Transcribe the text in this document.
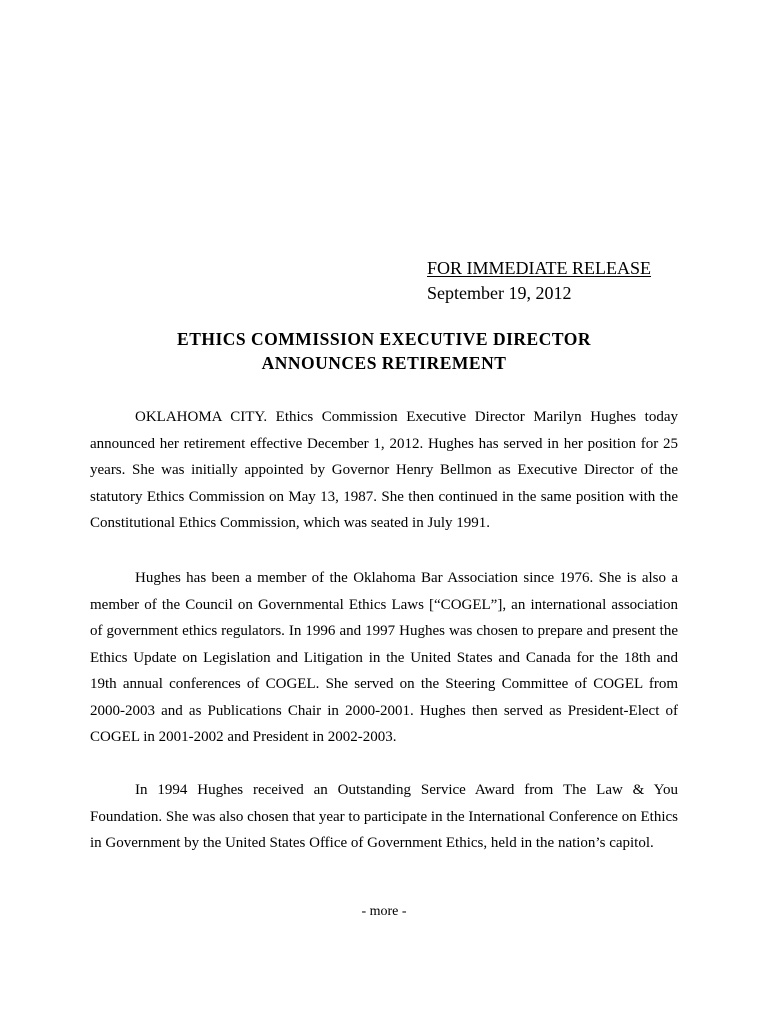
FOR IMMEDIATE RELEASE
September 19, 2012
ETHICS COMMISSION EXECUTIVE DIRECTOR
ANNOUNCES RETIREMENT

OKLAHOMA CITY. Ethics Commission Executive Director Marilyn Hughes today announced her retirement effective December 1, 2012. Hughes has served in her position for 25 years. She was initially appointed by Governor Henry Bellmon as Executive Director of the statutory Ethics Commission on May 13, 1987. She then continued in the same position with the Constitutional Ethics Commission, which was seated in July 1991.

Hughes has been a member of the Oklahoma Bar Association since 1976. She is also a member of the Council on Governmental Ethics Laws [“COGEL”], an international association of government ethics regulators. In 1996 and 1997 Hughes was chosen to prepare and present the Ethics Update on Legislation and Litigation in the United States and Canada for the 18th and 19th annual conferences of COGEL. She served on the Steering Committee of COGEL from 2000-2003 and as Publications Chair in 2000-2001. Hughes then served as President-Elect of COGEL in 2001-2002 and President in 2002-2003.

In 1994 Hughes received an Outstanding Service Award from The Law & You Foundation. She was also chosen that year to participate in the International Conference on Ethics in Government by the United States Office of Government Ethics, held in the nation’s capitol.

- more -
